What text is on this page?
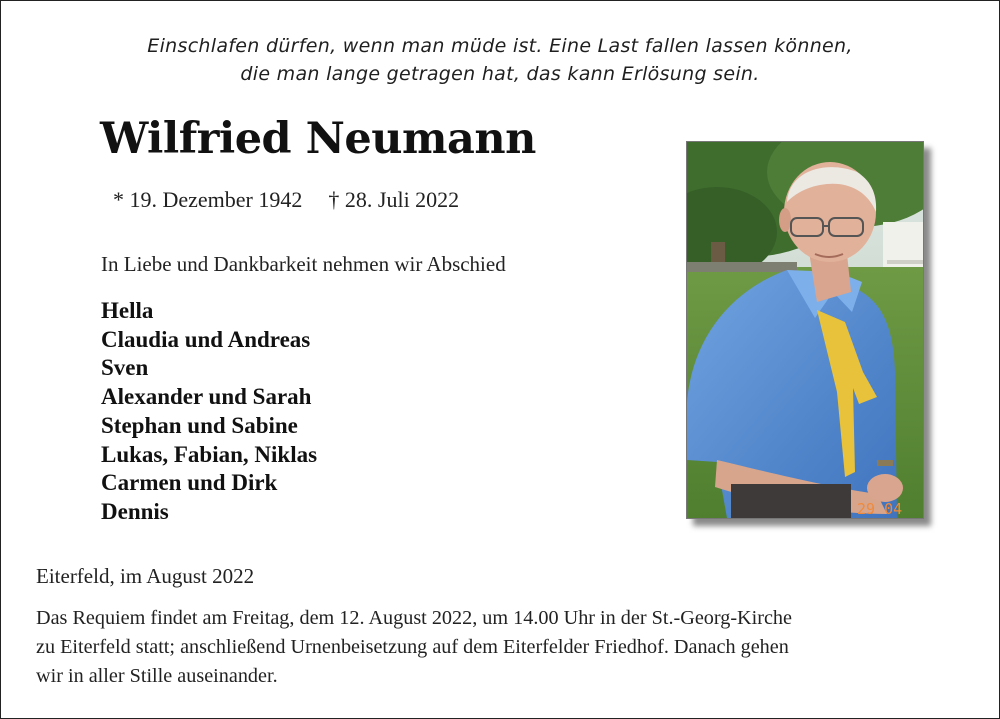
Einschlafen dürfen, wenn man müde ist. Eine Last fallen lassen können,
die man lange getragen hat, das kann Erlösung sein.
Wilfried Neumann
* 19. Dezember 1942 † 28. Juli 2022
In Liebe und Dankbarkeit nehmen wir Abschied
Hella
Claudia und Andreas
Sven
Alexander und Sarah
Stephan und Sabine
Lukas, Fabian, Niklas
Carmen und Dirk
Dennis	29 04
Eiterfeld, im August 2022
Das Requiem findet am Freitag, dem 12. August 2022, um 14.00 Uhr in der St.-Georg-Kirche
zu Eiterfeld statt; anschließend Urnenbeisetzung auf dem Eiterfelder Friedhof. Danach gehen
wir in aller Stille auseinander.
